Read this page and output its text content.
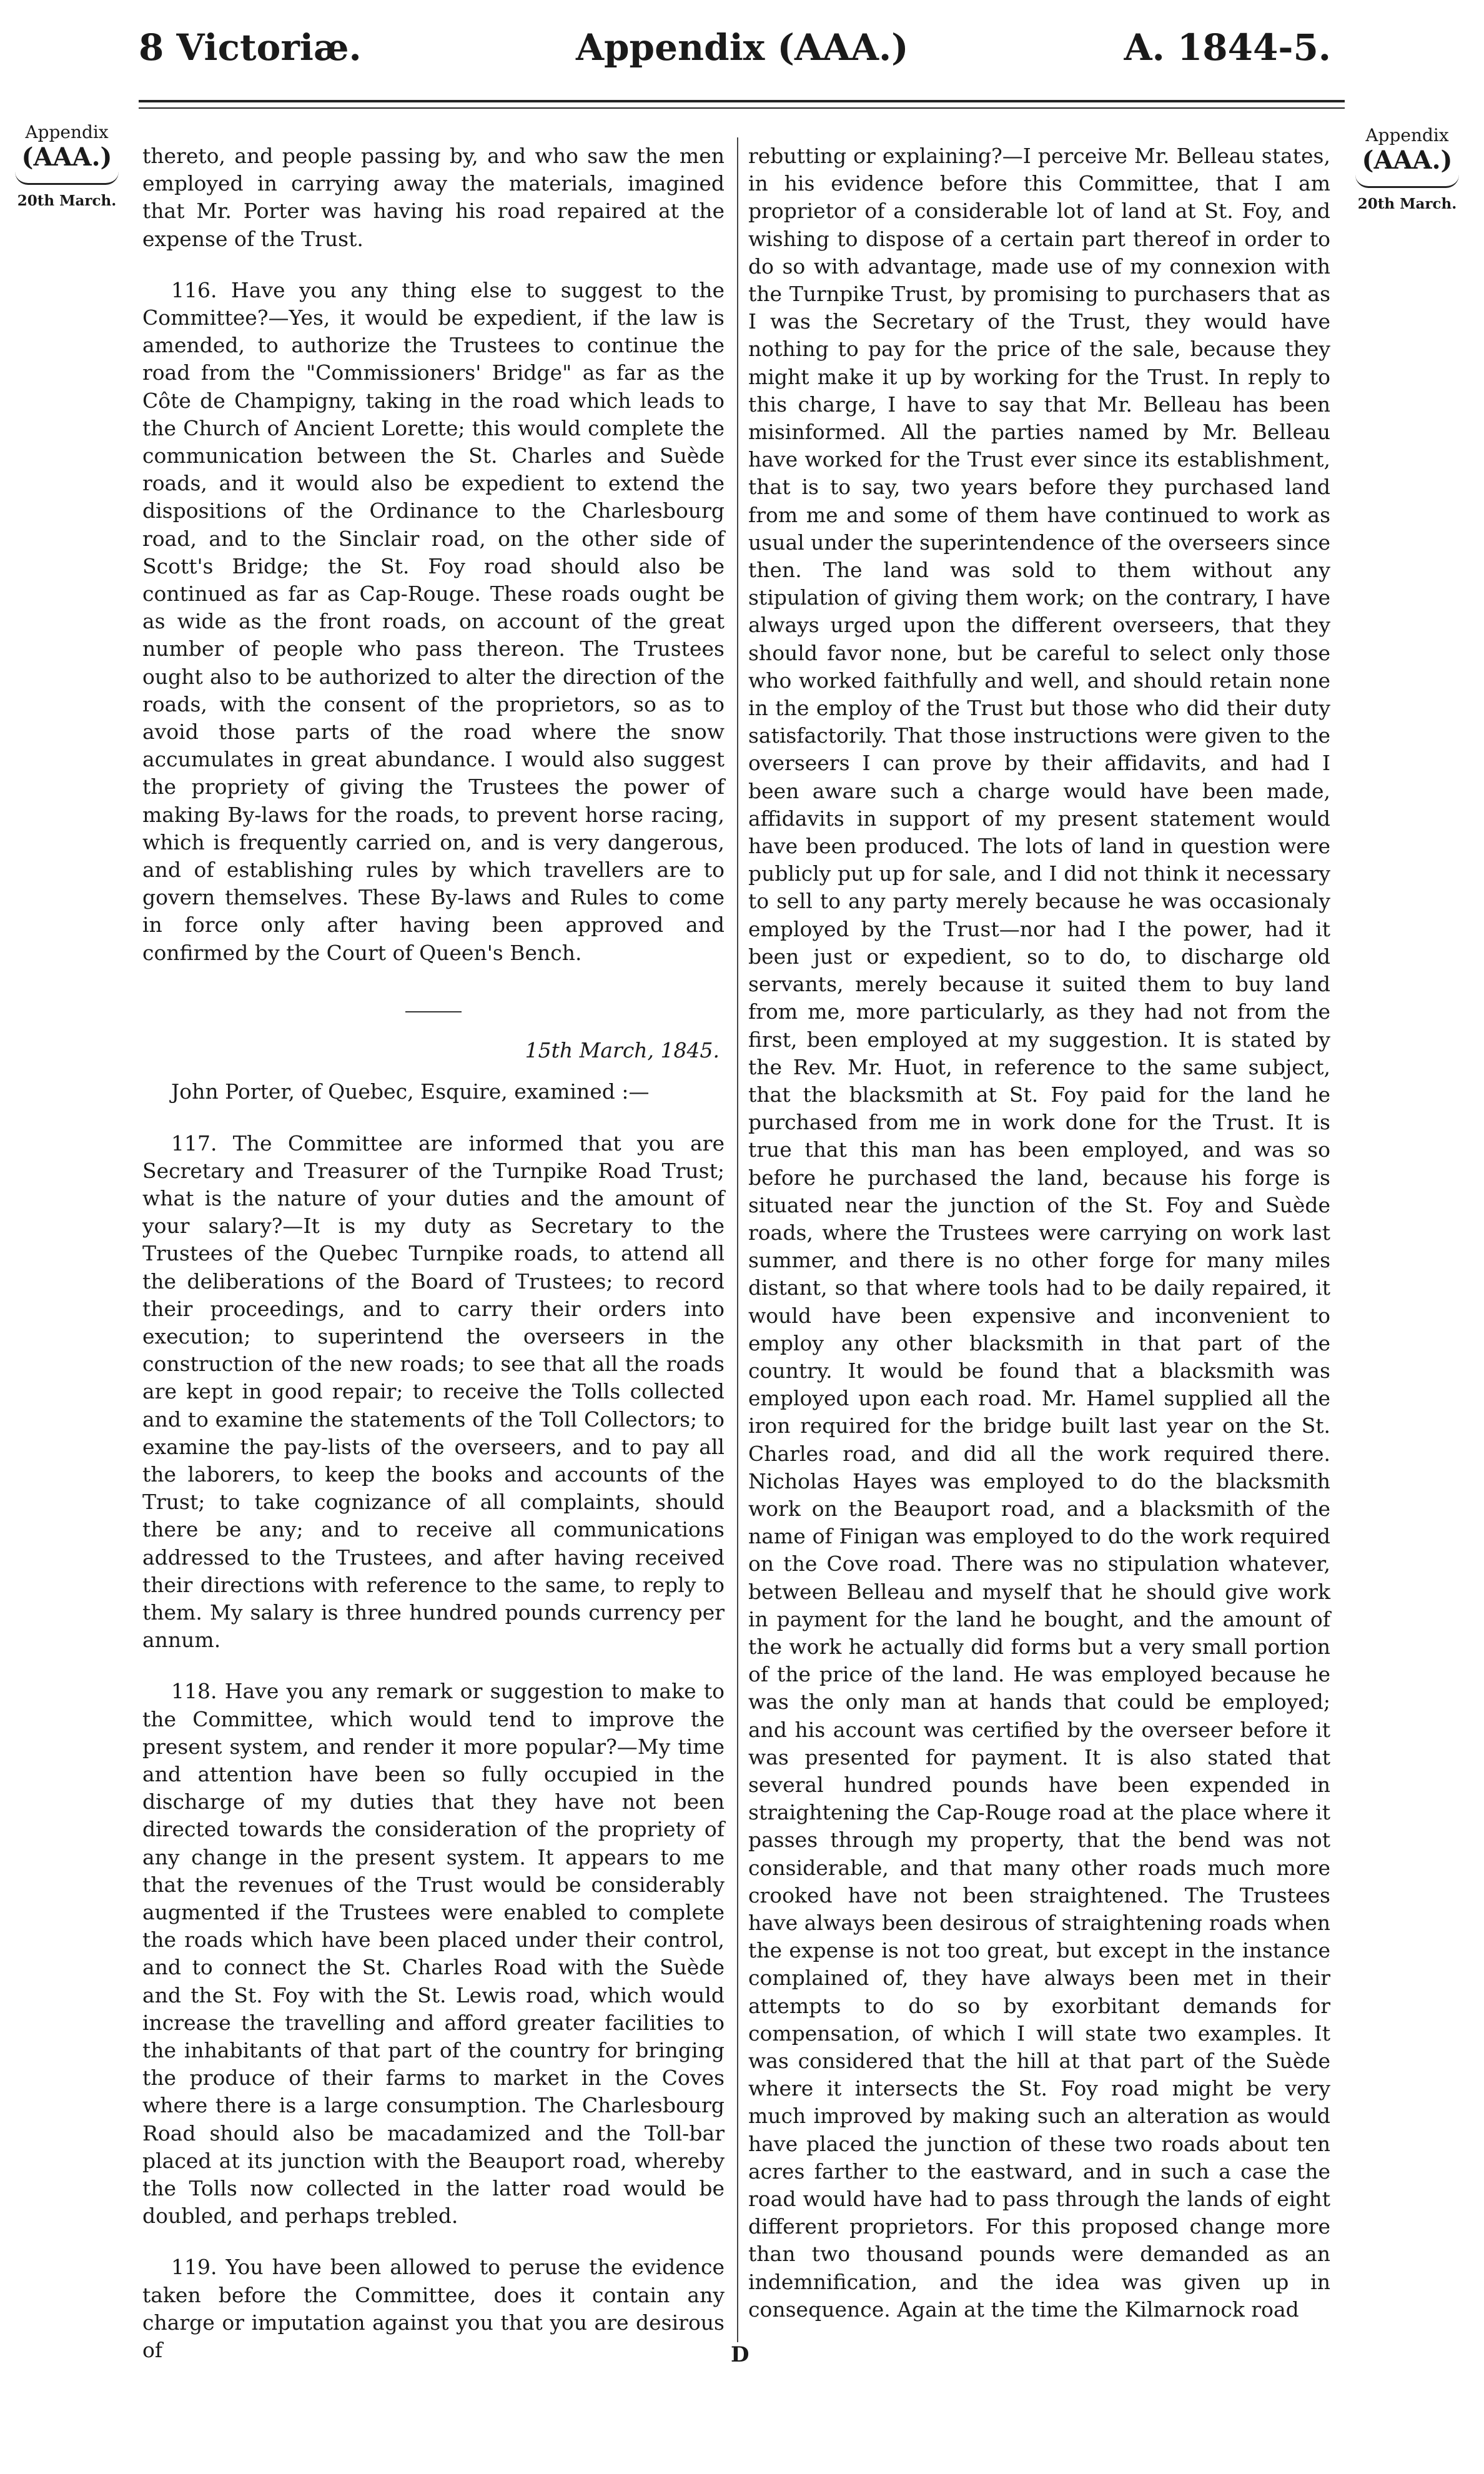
8 Victoriæ.	Appendix (AAA.)	A. 1844-5.
Appendix
(AAA.)
20th March.
Appendix
(AAA.)
20th March.

thereto, and people passing by, and who saw the men employed in carrying away the materials, imagined that Mr. Porter was having his road repaired at the expense of the Trust.

116. Have you any thing else to suggest to the Committee?—Yes, it would be expedient, if the law is amended, to authorize the Trustees to continue the road from the "Commissioners' Bridge" as far as the Côte de Champigny, taking in the road which leads to the Church of Ancient Lorette; this would complete the communication between the St. Charles and Suède roads, and it would also be expedient to extend the dispositions of the Ordinance to the Charlesbourg road, and to the Sinclair road, on the other side of Scott's Bridge; the St. Foy road should also be continued as far as Cap-Rouge. These roads ought be as wide as the front roads, on account of the great number of people who pass thereon. The Trustees ought also to be authorized to alter the direction of the roads, with the consent of the proprietors, so as to avoid those parts of the road where the snow accumulates in great abundance. I would also suggest the propriety of giving the Trustees the power of making By-laws for the roads, to prevent horse racing, which is frequently carried on, and is very dangerous, and of establishing rules by which travellers are to govern themselves. These By-laws and Rules to come in force only after having been approved and confirmed by the Court of Queen's Bench.

15th March, 1845.

John Porter, of Quebec, Esquire, examined :—

117. The Committee are informed that you are Secretary and Treasurer of the Turnpike Road Trust; what is the nature of your duties and the amount of your salary?—It is my duty as Secretary to the Trustees of the Quebec Turnpike roads, to attend all the deliberations of the Board of Trustees; to record their proceedings, and to carry their orders into execution; to superintend the overseers in the construction of the new roads; to see that all the roads are kept in good repair; to receive the Tolls collected and to examine the statements of the Toll Collectors; to examine the pay-lists of the overseers, and to pay all the laborers, to keep the books and accounts of the Trust; to take cognizance of all complaints, should there be any; and to receive all communications addressed to the Trustees, and after having received their directions with reference to the same, to reply to them. My salary is three hundred pounds currency per annum.

118. Have you any remark or suggestion to make to the Committee, which would tend to improve the present system, and render it more popular?—My time and attention have been so fully occupied in the discharge of my duties that they have not been directed towards the consideration of the propriety of any change in the present system. It appears to me that the revenues of the Trust would be considerably augmented if the Trustees were enabled to complete the roads which have been placed under their control, and to connect the St. Charles Road with the Suède and the St. Foy with the St. Lewis road, which would increase the travelling and afford greater facilities to the inhabitants of that part of the country for bringing the produce of their farms to market in the Coves where there is a large consumption. The Charlesbourg Road should also be macadamized and the Toll-bar placed at its junction with the Beauport road, whereby the Tolls now collected in the latter road would be doubled, and perhaps trebled.

119. You have been allowed to peruse the evidence taken before the Committee, does it contain any charge or imputation against you that you are desirous of

rebutting or explaining?—I perceive Mr. Belleau states, in his evidence before this Committee, that I am proprietor of a considerable lot of land at St. Foy, and wishing to dispose of a certain part thereof in order to do so with advantage, made use of my connexion with the Turnpike Trust, by promising to purchasers that as I was the Secretary of the Trust, they would have nothing to pay for the price of the sale, because they might make it up by working for the Trust. In reply to this charge, I have to say that Mr. Belleau has been misinformed. All the parties named by Mr. Belleau have worked for the Trust ever since its establishment, that is to say, two years before they purchased land from me and some of them have continued to work as usual under the superintendence of the overseers since then. The land was sold to them without any stipulation of giving them work; on the contrary, I have always urged upon the different overseers, that they should favor none, but be careful to select only those who worked faithfully and well, and should retain none in the employ of the Trust but those who did their duty satisfactorily. That those instructions were given to the overseers I can prove by their affidavits, and had I been aware such a charge would have been made, affidavits in support of my present statement would have been produced. The lots of land in question were publicly put up for sale, and I did not think it necessary to sell to any party merely because he was occasionaly employed by the Trust—nor had I the power, had it been just or expedient, so to do, to discharge old servants, merely because it suited them to buy land from me, more particularly, as they had not from the first, been employed at my suggestion. It is stated by the Rev. Mr. Huot, in reference to the same subject, that the blacksmith at St. Foy paid for the land he purchased from me in work done for the Trust. It is true that this man has been employed, and was so before he purchased the land, because his forge is situated near the junction of the St. Foy and Suède roads, where the Trustees were carrying on work last summer, and there is no other forge for many miles distant, so that where tools had to be daily repaired, it would have been expensive and inconvenient to employ any other blacksmith in that part of the country. It would be found that a blacksmith was employed upon each road. Mr. Hamel supplied all the iron required for the bridge built last year on the St. Charles road, and did all the work required there. Nicholas Hayes was employed to do the blacksmith work on the Beauport road, and a blacksmith of the name of Finigan was employed to do the work required on the Cove road. There was no stipulation whatever, between Belleau and myself that he should give work in payment for the land he bought, and the amount of the work he actually did forms but a very small portion of the price of the land. He was employed because he was the only man at hands that could be employed; and his account was certified by the overseer before it was presented for payment. It is also stated that several hundred pounds have been expended in straightening the Cap-Rouge road at the place where it passes through my property, that the bend was not considerable, and that many other roads much more crooked have not been straightened. The Trustees have always been desirous of straightening roads when the expense is not too great, but except in the instance complained of, they have always been met in their attempts to do so by exorbitant demands for compensation, of which I will state two examples. It was considered that the hill at that part of the Suède where it intersects the St. Foy road might be very much improved by making such an alteration as would have placed the junction of these two roads about ten acres farther to the eastward, and in such a case the road would have had to pass through the lands of eight different proprietors. For this proposed change more than two thousand pounds were demanded as an indemnification, and the idea was given up in consequence. Again at the time the Kilmarnock road

D
